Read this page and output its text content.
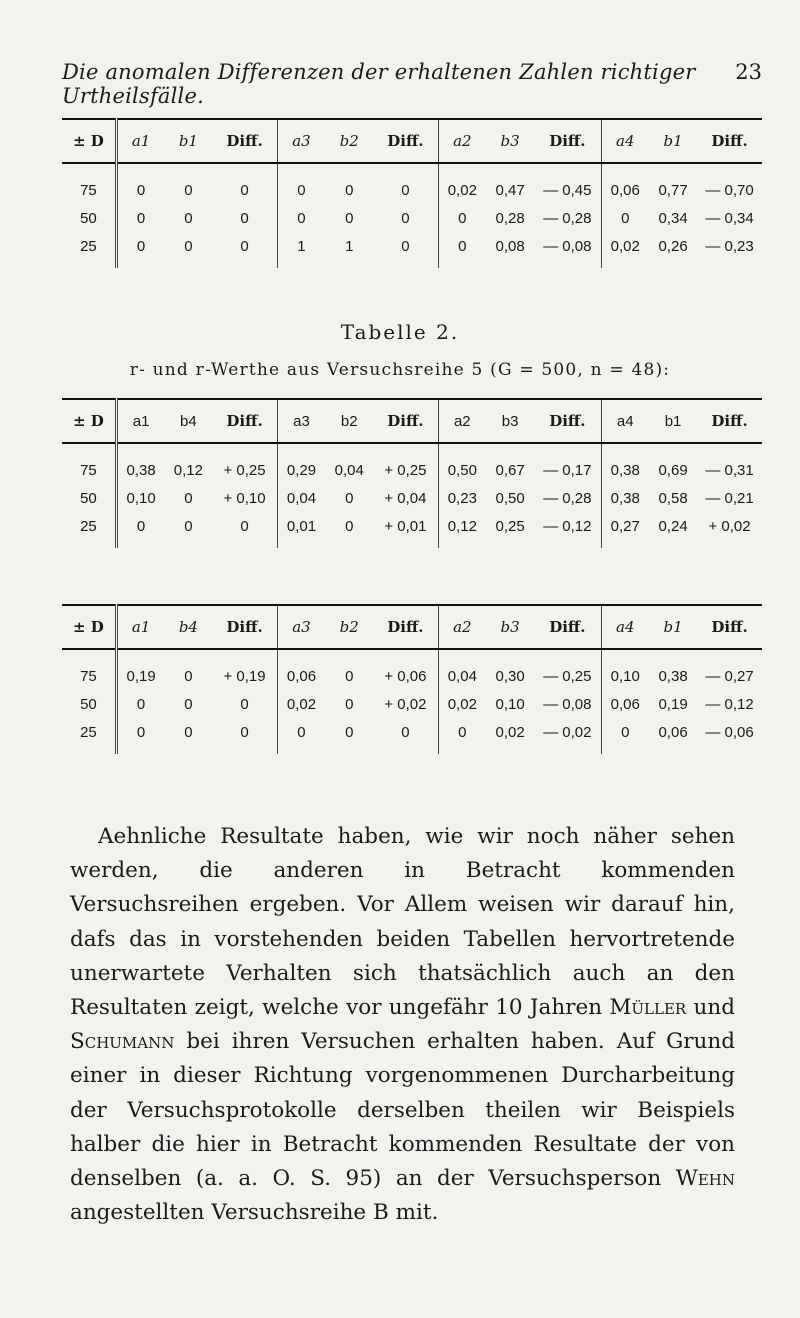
Die anomalen Differenzen der erhaltenen Zahlen richtiger Urtheilsfälle.
23
± D	a1	b1	Diff.	a3	b2	Diff.	a2	b3	Diff.	a4	b1	Diff.
75	0	0	0	0	0	0	0,02	0,47	— 0,45	0,06	0,77	— 0,70
50	0	0	0	0	0	0	0	0,28	— 0,28	0	0,34	— 0,34
25	0	0	0	1	1	0	0	0,08	— 0,08	0,02	0,26	— 0,23
Tabelle 2.
r- und r-Werthe aus Versuchsreihe 5 (G = 500, n = 48):
± D	a1	b4	Diff.	a3	b2	Diff.	a2	b3	Diff.	a4	b1	Diff.
75	0,38	0,12	+ 0,25	0,29	0,04	+ 0,25	0,50	0,67	— 0,17	0,38	0,69	— 0,31
50	0,10	0	+ 0,10	0,04	0	+ 0,04	0,23	0,50	— 0,28	0,38	0,58	— 0,21
25	0	0	0	0,01	0	+ 0,01	0,12	0,25	— 0,12	0,27	0,24	+ 0,02
± D	a1	b4	Diff.	a3	b2	Diff.	a2	b3	Diff.	a4	b1	Diff.
75	0,19	0	+ 0,19	0,06	0	+ 0,06	0,04	0,30	— 0,25	0,10	0,38	— 0,27
50	0	0	0	0,02	0	+ 0,02	0,02	0,10	— 0,08	0,06	0,19	— 0,12
25	0	0	0	0	0	0	0	0,02	— 0,02	0	0,06	— 0,06

Aehnliche Resultate haben, wie wir noch näher sehen werden, die anderen in Betracht kommenden Versuchsreihen ergeben. Vor Allem weisen wir darauf hin, dafs das in vorstehenden beiden Tabellen hervortretende unerwartete Verhalten sich thatsächlich auch an den Resultaten zeigt, welche vor ungefähr 10 Jahren Müller und Schumann bei ihren Versuchen erhalten haben. Auf Grund einer in dieser Richtung vorgenommenen Durcharbeitung der Versuchsprotokolle derselben theilen wir Beispiels halber die hier in Betracht kommenden Resultate der von denselben (a. a. O. S. 95) an der Versuchsperson Wehn angestellten Versuchsreihe B mit.
